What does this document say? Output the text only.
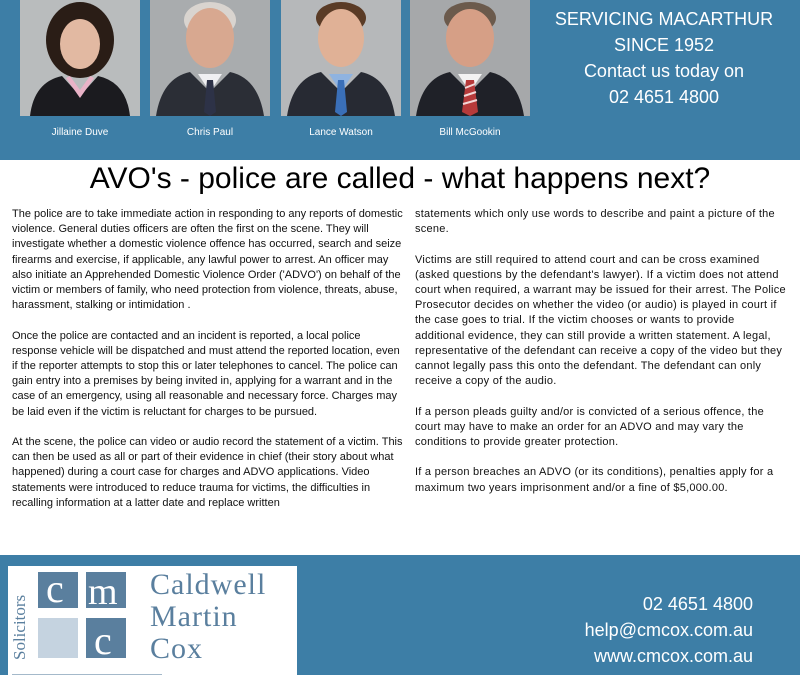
Jillaine Duve	Chris Paul	Lance Watson	Bill McGookin
SERVICING MACARTHUR
SINCE 1952
Contact us today on
02 4651 4800
AVO's - police are called - what happens next?

The police are to take immediate action in responding to any reports of domestic violence. General duties officers are often the first on the scene. They will investigate whether a domestic violence offence has occurred, search and seize firearms and exercise, if applicable, any lawful power to arrest. An officer may also initiate an Apprehended Domestic Violence Order ('ADVO') on behalf of the victim or members of family, who need protection from violence, threats, abuse, harassment, stalking or intimidation .

Once the police are contacted and an incident is reported, a local police response vehicle will be dispatched and must attend the reported location, even if the reporter attempts to stop this or later telephones to cancel. The police can gain entry into a premises by being invited in, applying for a warrant and in the case of an emergency, using all reasonable and necessary force. Charges may be laid even if the victim is reluctant for charges to be pursued.

At the scene, the police can video or audio record the statement of a victim. This can then be used as all or part of their evidence in chief (their story about what happened) during a court case for charges and ADVO applications. Video statements were introduced to reduce trauma for victims, the difficulties in recalling information at a latter date and replace written

statements which only use words to describe and paint a picture of the scene.

Victims are still required to attend court and can be cross examined (asked questions by the defendant's lawyer). If a victim does not attend court when required, a warrant may be issued for their arrest. The Police Prosecutor decides on whether the video (or audio) is played in court if the case goes to trial. If the victim chooses or wants to provide additional evidence, they can still provide a written statement. A legal, representative of the defendant can receive a copy of the video but they cannot legally pass this onto the defendant. The defendant can only receive a copy of the audio.

If a person pleads guilty and/or is convicted of a serious offence, the court may have to make an order for an ADVO and may vary the conditions to provide greater protection.

If a person breaches an ADVO (or its conditions), penalties apply for a maximum two years imprisonment and/or a fine of $5,000.00.

Solicitors
c m
c
Caldwell
Martin
Cox
02 4651 4800
help@cmcox.com.au
www.cmcox.com.au
